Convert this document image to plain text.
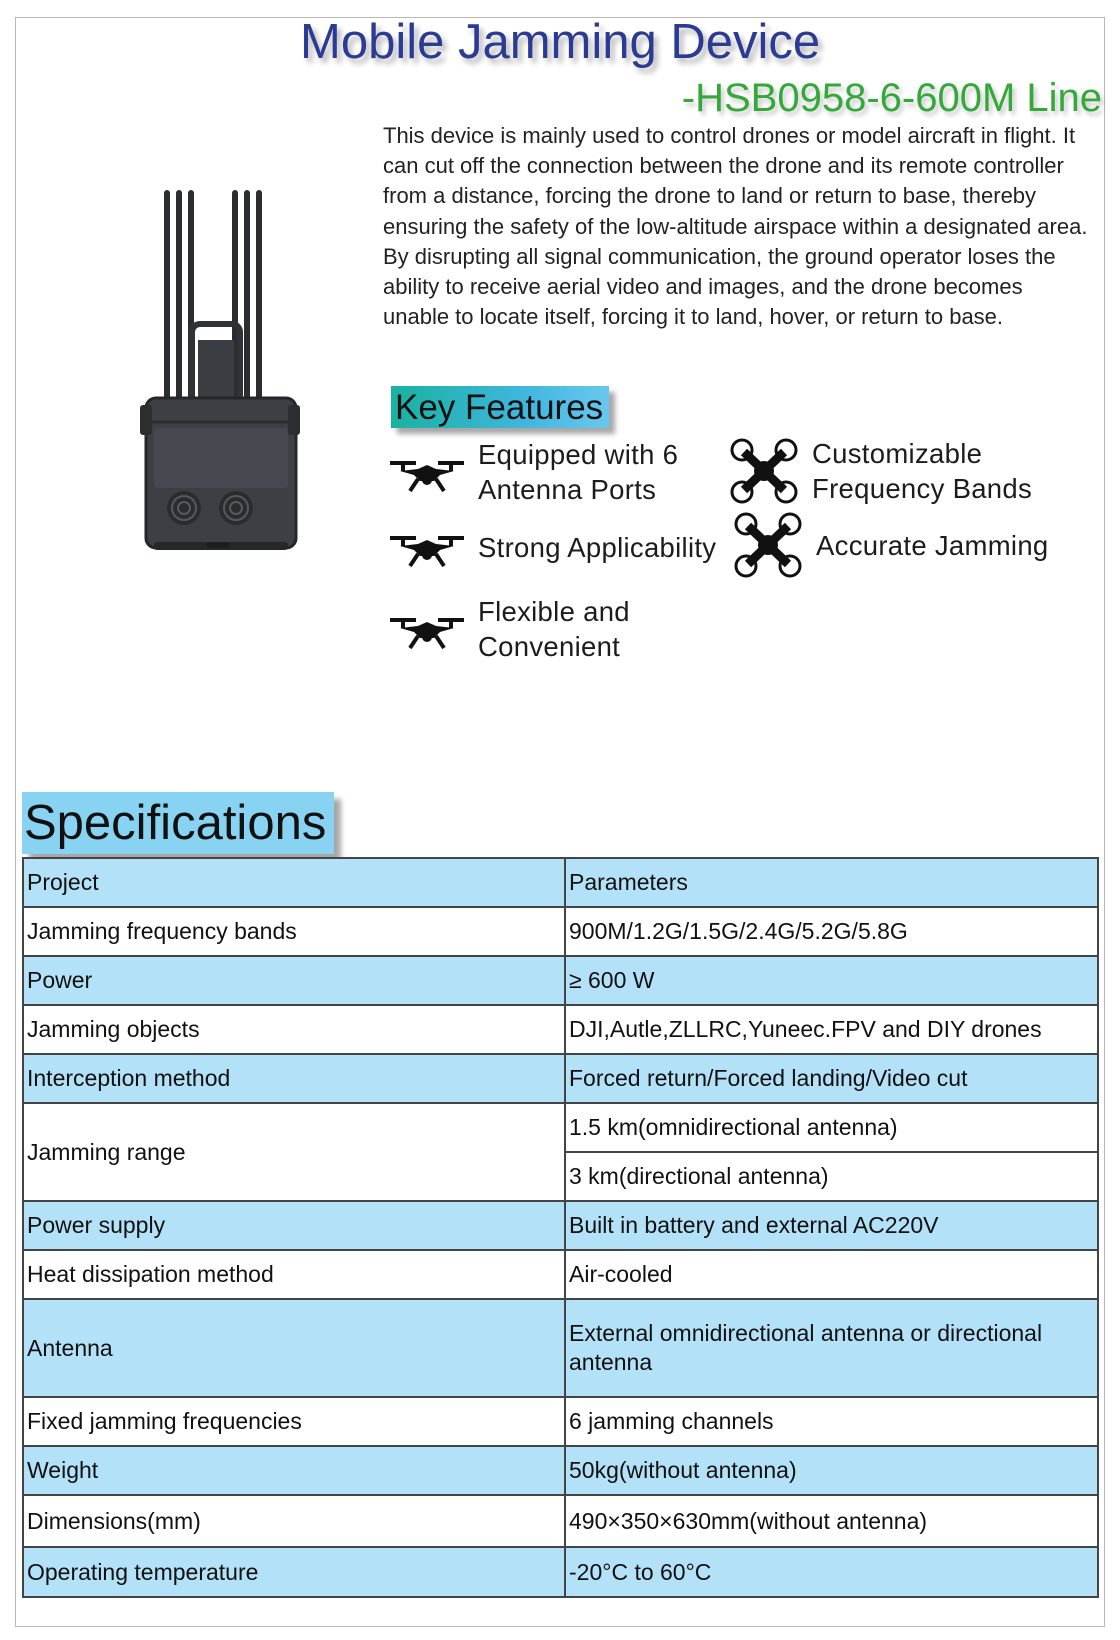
Mobile Jamming Device
-HSB0958-6-600M Line
This device is mainly used to control drones or model aircraft in flight. It can cut off the connection between the drone and its remote controller from a distance, forcing the drone to land or return to base, thereby ensuring the safety of the low-altitude airspace within a designated area. By disrupting all signal communication, the ground operator loses the ability to receive aerial video and images, and the drone becomes unable to locate itself, forcing it to land, hover, or return to base.
Key Features
Equipped with 6
Antenna Ports
Strong Applicability
Flexible and
Convenient
Customizable
Frequency Bands
Accurate Jamming
Specifications
Project	Parameters
Jamming frequency bands	900M/1.2G/1.5G/2.4G/5.2G/5.8G
Power	≥ 600 W
Jamming objects	DJI,Autle,ZLLRC,Yuneec.FPV and DIY drones
Interception method	Forced return/Forced landing/Video cut
Jamming range	1.5 km(omnidirectional antenna)
	3 km(directional antenna)
Power supply	Built in battery and external AC220V
Heat dissipation method	Air-cooled
Antenna	External omnidirectional antenna or directional antenna
Fixed jamming frequencies	6 jamming channels
Weight	50kg(without antenna)
Dimensions(mm)	490×350×630mm(without antenna)
Operating temperature	-20°C to 60°C
